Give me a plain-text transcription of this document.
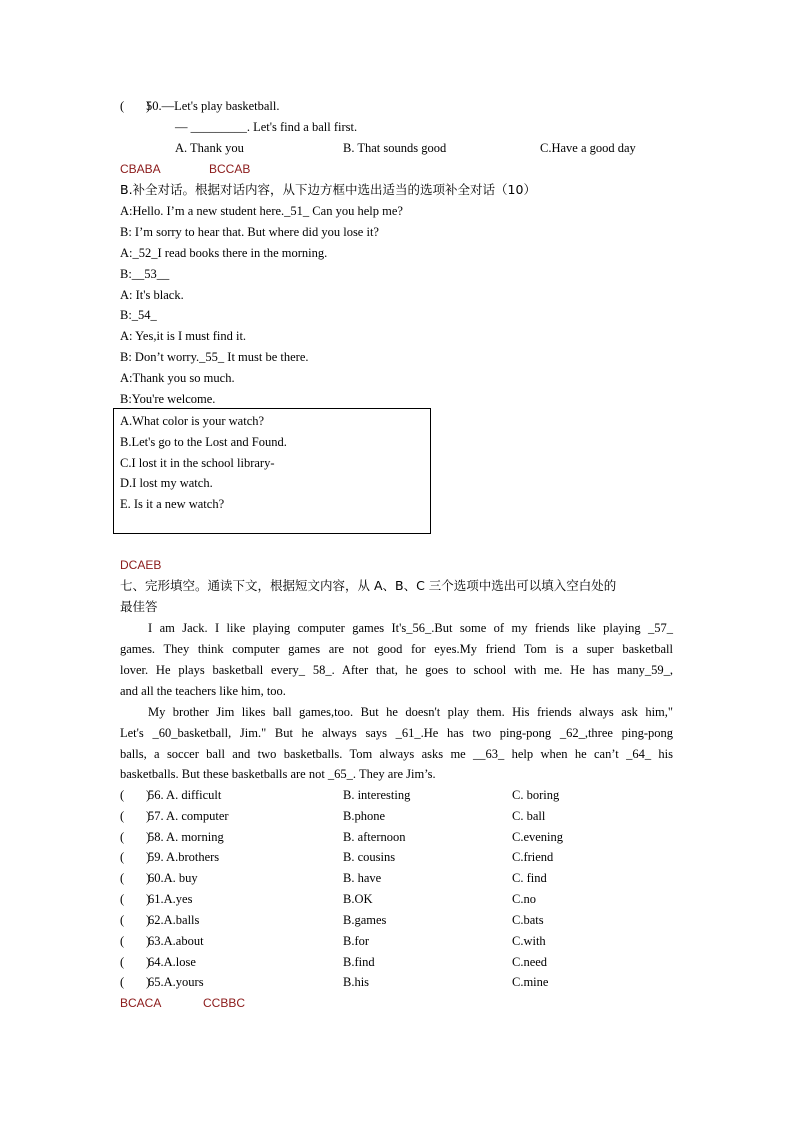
(       )
50.—Let's play basketball.
— _________. Let's find a ball first.
A. Thank you	B. That sounds good	C.Have a good day
CBABA	BCCAB
B.补全对话。根据对话内容，从下边方框中选出适当的选项补全对话（10）
A:Hello. I’m a new student here._51_ Can you help me?
B: I’m sorry to hear that. But where did you lose it?
A:_52_I read books there in the morning.
B:__53__
A: It's black.
B:_54_
A: Yes,it is I must find it.
B: Don’t worry._55_ It must be there.
A:Thank you so much.
B:You're welcome.
A.What color is your watch?
B.Let's go to the Lost and Found.
C.I lost it in the school library-
D.I lost my watch.
E. Is it a new watch?
DCAEB
七、完形填空。通读下文，根据短文内容，从 A、B、C 三个选项中选出可以填入空白处的
最佳答
I am Jack. I like playing computer games It's_56_.But some of my friends like playing _57_
games. They think computer games are not good for eyes.My friend Tom is a super basketball
lover. He plays basketball every_ 58_. After that, he goes to school with me. He has many_59_,
and all the teachers like him, too.
My brother Jim likes ball games,too. But he doesn't play them. His friends always ask him,"
Let's _60_basketball, Jim." But he always says _61_.He has two ping-pong _62_,three ping-pong
balls, a soccer ball and two basketballs. Tom always asks me __63_ help when he can’t _64_ his
basketballs. But these basketballs are not _65_. They are Jim’s.
(       )
56. A. difficult	B. interesting	C. boring
(       )
57. A. computer	B.phone	C. ball
(       )
58. A. morning	B. afternoon	C.evening
(       )
59. A.brothers	B. cousins	C.friend
(       )
60.A. buy	B. have	C. find
(       )
61.A.yes	B.OK	C.no
(       )
62.A.balls	B.games	C.bats
(       )
63.A.about	B.for	C.with
(       )
64.A.lose	B.find	C.need
(       )
65.A.yours	B.his	C.mine
BCACA	CCBBC
